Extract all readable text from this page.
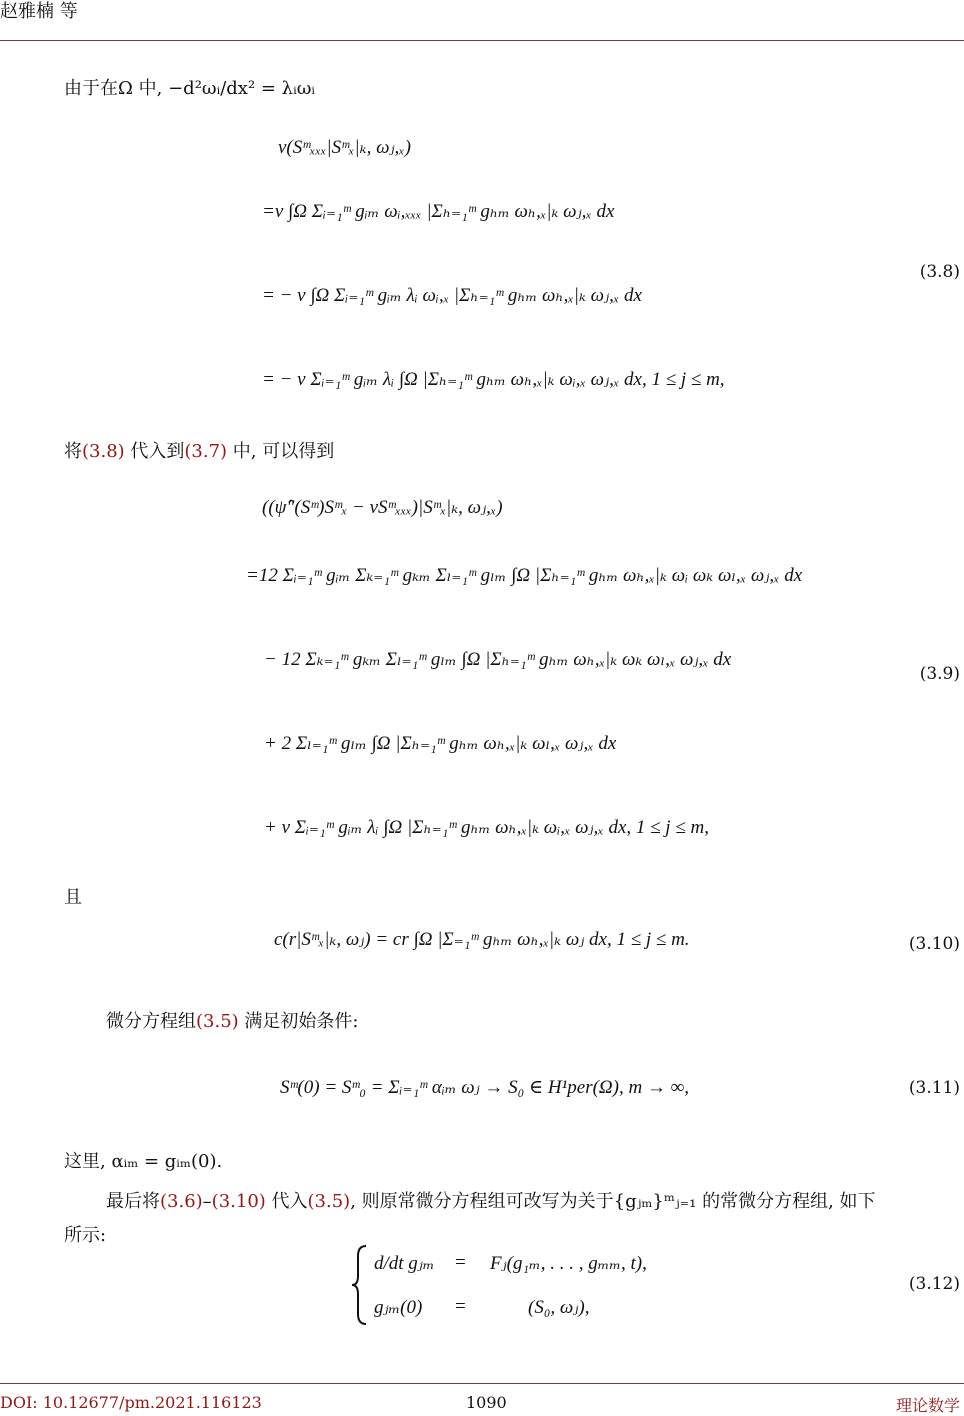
赵雅楠 等
由于在Ω 中, −d²ωᵢ/dx² = λᵢωᵢ
ν(Sᵐₓₓₓ|Sᵐₓ|ₖ, ωⱼ,ₓ)
=ν ∫Ω Σᵢ₌₁ᵐ gᵢₘ ωᵢ,ₓₓₓ |Σₕ₌₁ᵐ gₕₘ ωₕ,ₓ|ₖ ωⱼ,ₓ dx
= − ν ∫Ω Σᵢ₌₁ᵐ gᵢₘ λᵢ ωᵢ,ₓ |Σₕ₌₁ᵐ gₕₘ ωₕ,ₓ|ₖ ωⱼ,ₓ dx
= − ν Σᵢ₌₁ᵐ gᵢₘ λᵢ ∫Ω |Σₕ₌₁ᵐ gₕₘ ωₕ,ₓ|ₖ ωᵢ,ₓ ωⱼ,ₓ dx, 1 ≤ j ≤ m,
(3.8)
将(3.8) 代入到(3.7) 中, 可以得到
((ψ̂″(Sᵐ)Sᵐₓ − νSᵐₓₓₓ)|Sᵐₓ|ₖ, ωⱼ,ₓ)
=12 Σᵢ₌₁ᵐ gᵢₘ Σₖ₌₁ᵐ gₖₘ Σₗ₌₁ᵐ gₗₘ ∫Ω |Σₕ₌₁ᵐ gₕₘ ωₕ,ₓ|ₖ ωᵢ ωₖ ωₗ,ₓ ωⱼ,ₓ dx
− 12 Σₖ₌₁ᵐ gₖₘ Σₗ₌₁ᵐ gₗₘ ∫Ω |Σₕ₌₁ᵐ gₕₘ ωₕ,ₓ|ₖ ωₖ ωₗ,ₓ ωⱼ,ₓ dx
+ 2 Σₗ₌₁ᵐ gₗₘ ∫Ω |Σₕ₌₁ᵐ gₕₘ ωₕ,ₓ|ₖ ωₗ,ₓ ωⱼ,ₓ dx
+ ν Σᵢ₌₁ᵐ gᵢₘ λᵢ ∫Ω |Σₕ₌₁ᵐ gₕₘ ωₕ,ₓ|ₖ ωᵢ,ₓ ωⱼ,ₓ dx, 1 ≤ j ≤ m,
(3.9)
且
c(r|Sᵐₓ|ₖ, ωⱼ) = cr ∫Ω |Σ₌₁ᵐ gₕₘ ωₕ,ₓ|ₖ ωⱼ dx, 1 ≤ j ≤ m.	(3.10)
微分方程组(3.5) 满足初始条件:
Sᵐ(0) = Sᵐ₀ = Σᵢ₌₁ᵐ αᵢₘ ωⱼ → S₀ ∈ H¹per(Ω), m → ∞,	(3.11)
这里, αᵢₘ = gᵢₘ(0).
最后将(3.6)–(3.10) 代入(3.5), 则原常微分方程组可改写为关于{gⱼₘ}ᵐⱼ₌₁ 的常微分方程组, 如下
所示:
d/dt gⱼₘ = Fⱼ(g₁ₘ, . . . , gₘₘ, t),
gⱼₘ(0) =	(S₀, ωⱼ),
(3.12)
DOI: 10.12677/pm.2021.116123	1090	理论数学
